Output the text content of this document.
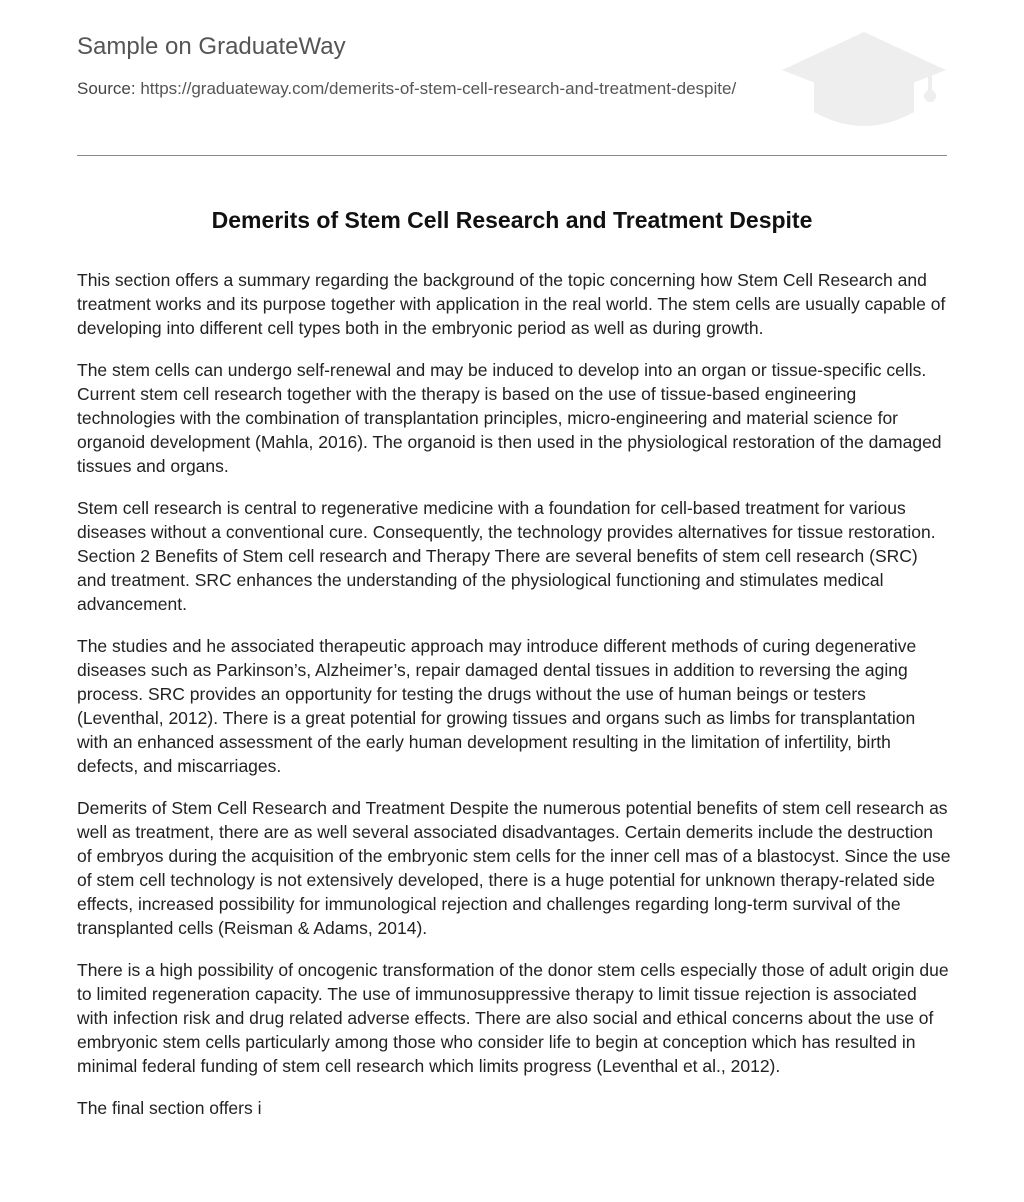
Sample on GraduateWay
Source: https://graduateway.com/demerits-of-stem-cell-research-and-treatment-despite/
Demerits of Stem Cell Research and Treatment Despite

This section offers a summary regarding the background of the topic concerning how Stem Cell Research and treatment works and its purpose together with application in the real world. The stem cells are usually capable of developing into different cell types both in the embryonic period as well as during growth.

The stem cells can undergo self-renewal and may be induced to develop into an organ or tissue-specific cells. Current stem cell research together with the therapy is based on the use of tissue-based engineering technologies with the combination of transplantation principles, micro-engineering and material science for organoid development (Mahla, 2016). The organoid is then used in the physiological restoration of the damaged tissues and organs.

Stem cell research is central to regenerative medicine with a foundation for cell-based treatment for various diseases without a conventional cure. Consequently, the technology provides alternatives for tissue restoration. Section 2 Benefits of Stem cell research and Therapy There are several benefits of stem cell research (SRC) and treatment. SRC enhances the understanding of the physiological functioning and stimulates medical advancement.

The studies and he associated therapeutic approach may introduce different methods of curing degenerative diseases such as Parkinson’s, Alzheimer’s, repair damaged dental tissues in addition to reversing the aging process. SRC provides an opportunity for testing the drugs without the use of human beings or testers (Leventhal, 2012). There is a great potential for growing tissues and organs such as limbs for transplantation with an enhanced assessment of the early human development resulting in the limitation of infertility, birth defects, and miscarriages.

Demerits of Stem Cell Research and Treatment Despite the numerous potential benefits of stem cell research as well as treatment, there are as well several associated disadvantages. Certain demerits include the destruction of embryos during the acquisition of the embryonic stem cells for the inner cell mas of a blastocyst. Since the use of stem cell technology is not extensively developed, there is a huge potential for unknown therapy-related side effects, increased possibility for immunological rejection and challenges regarding long-term survival of the transplanted cells (Reisman & Adams, 2014).

There is a high possibility of oncogenic transformation of the donor stem cells especially those of adult origin due to limited regeneration capacity. The use of immunosuppressive therapy to limit tissue rejection is associated with infection risk and drug related adverse effects. There are also social and ethical concerns about the use of embryonic stem cells particularly among those who consider life to begin at conception which has resulted in minimal federal funding of stem cell research which limits progress (Leventhal et al., 2012).

The final section offers i
